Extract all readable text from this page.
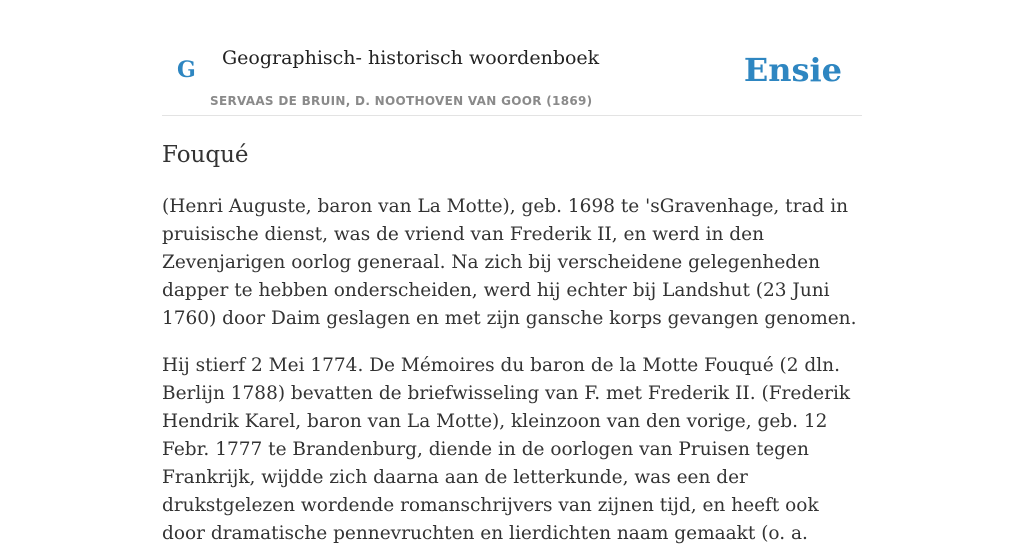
G Geographisch- historisch woordenboek
SERVAAS DE BRUIN, D. NOOTHOVEN VAN GOOR (1869)
Ensie
Fouqué

(Henri Auguste, baron van La Motte), geb. 1698 te 'sGravenhage, trad in pruisische dienst, was de vriend van Frederik II, en werd in den Zevenjarigen oorlog generaal. Na zich bij verscheidene gelegenheden dapper te hebben onderscheiden, werd hij echter bij Landshut (23 Juni 1760) door Daim geslagen en met zijn gansche korps gevangen genomen.

Hij stierf 2 Mei 1774. De Mémoires du baron de la Motte Fouqué (2 dln. Berlijn 1788) bevatten de briefwisseling van F. met Frederik II. (Frederik Hendrik Karel, baron van La Motte), kleinzoon van den vorige, geb. 12 Febr. 1777 te Brandenburg, diende in de oorlogen van Pruisen tegen Frankrijk, wijdde zich daarna aan de letterkunde, was een der drukstgelezen wordende romanschrijvers van zijnen tijd, en heeft ook door dramatische pennevruchten en lierdichten naam gemaakt (o. a.
